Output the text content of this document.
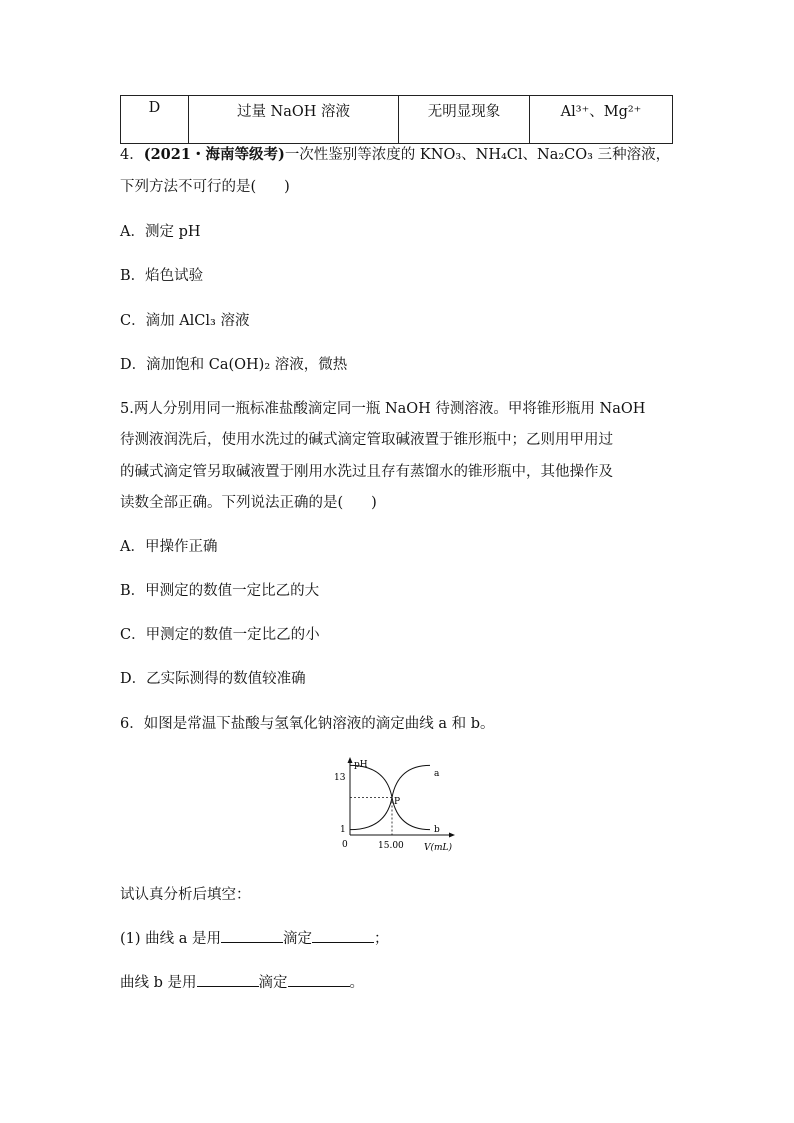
D	过量 NaOH 溶液	无明显现象	Al³⁺、Mg²⁺
4．(2021・海南等级考)一次性鉴别等浓度的 KNO₃、NH₄Cl、Na₂CO₃ 三种溶液，
下列方法不可行的是( )
A．测定 pH
B．焰色试验
C．滴加 AlCl₃ 溶液
D．滴加饱和 Ca(OH)₂ 溶液，微热
5.两人分别用同一瓶标准盐酸滴定同一瓶 NaOH 待测溶液。甲将锥形瓶用 NaOH
待测液润洗后，使用水洗过的碱式滴定管取碱液置于锥形瓶中；乙则用甲用过
的碱式滴定管另取碱液置于刚用水洗过且存有蒸馏水的锥形瓶中，其他操作及
读数全部正确。下列说法正确的是( )
A．甲操作正确
B．甲测定的数值一定比乙的大
C．甲测定的数值一定比乙的小
D．乙实际测得的数值较准确
6．如图是常温下盐酸与氢氧化钠溶液的滴定曲线 a 和 b。
pH
13
1
0	15.00 V(mL)
P
a
b
试认真分析后填空：
(1) 曲线 a 是用	滴定	；
曲线 b 是用	滴定	。
